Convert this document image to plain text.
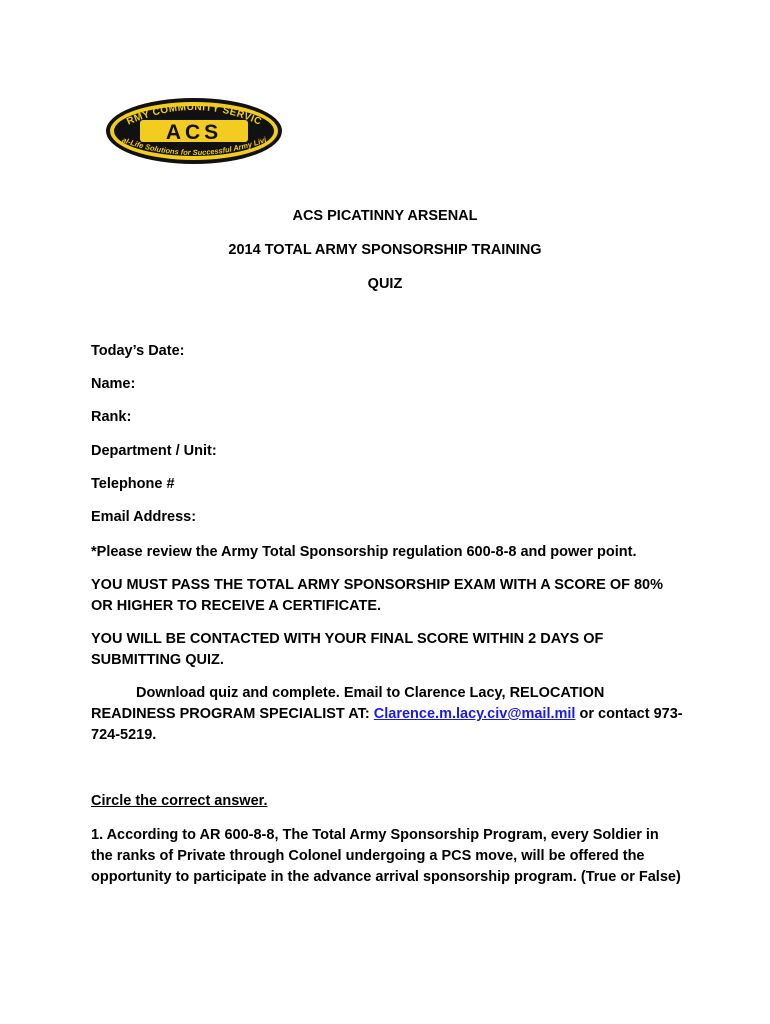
RMY COMMUNITY SERVIC
ACS
al-Life Solutions for Successful Army Livi
ACS PICATINNY ARSENAL
2014 TOTAL ARMY SPONSORSHIP TRAINING
QUIZ
Today’s Date:
Name:
Rank:
Department / Unit:
Telephone #
Email Address:
*Please review the Army Total Sponsorship regulation 600-8-8 and power point.
YOU MUST PASS THE TOTAL ARMY SPONSORSHIP EXAM WITH A SCORE OF 80% OR HIGHER TO RECEIVE A CERTIFICATE.
YOU WILL BE CONTACTED WITH YOUR FINAL SCORE WITHIN 2 DAYS OF SUBMITTING QUIZ.
Download quiz and complete. Email to Clarence Lacy, RELOCATION READINESS PROGRAM SPECIALIST AT: Clarence.m.lacy.civ@mail.mil or contact 973-724-5219.
Circle the correct answer.
1. According to AR 600-8-8, The Total Army Sponsorship Program, every Soldier in the ranks of Private through Colonel undergoing a PCS move, will be offered the opportunity to participate in the advance arrival sponsorship program. (True or False)
